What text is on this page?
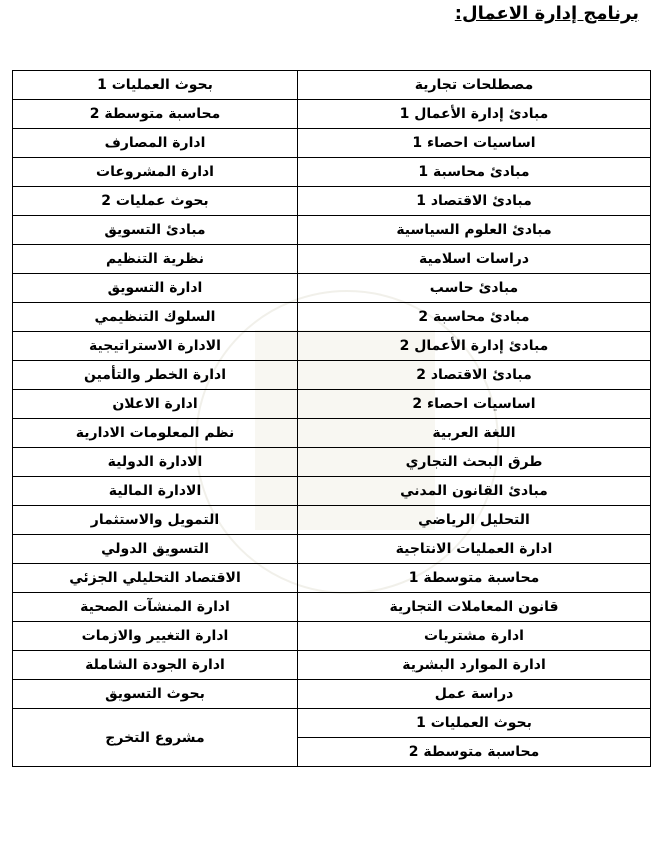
برنامج إدارة الاعمال:
مصطلحات تجارية	بحوث العمليات 1
مبادئ إدارة الأعمال 1	محاسبة متوسطة 2
اساسيات احصاء 1	ادارة المصارف
مبادئ محاسبة 1	ادارة المشروعات
مبادئ الاقتصاد 1	بحوث عمليات 2
مبادئ العلوم السياسية	مبادئ التسويق
دراسات اسلامية	نظرية التنظيم
مبادئ حاسب	ادارة التسويق
مبادئ محاسبة 2	السلوك التنظيمي
مبادئ إدارة الأعمال 2	الادارة الاستراتيجية
مبادئ الاقتصاد 2	ادارة الخطر والتأمين
اساسيات احصاء 2	ادارة الاعلان
اللغة العربية	نظم المعلومات الادارية
طرق البحث التجاري	الادارة الدولية
مبادئ القانون المدني	الادارة المالية
التحليل الرياضي	التمويل والاستثمار
ادارة العمليات الانتاجية	التسويق الدولي
محاسبة متوسطة 1	الاقتصاد التحليلي الجزئي
قانون المعاملات التجارية	ادارة المنشآت الصحية
ادارة مشتريات	ادارة التغيير والازمات
ادارة الموارد البشرية	ادارة الجودة الشاملة
دراسة عمل	بحوث التسويق
بحوث العمليات 1	مشروع التخرج
محاسبة متوسطة 2	
